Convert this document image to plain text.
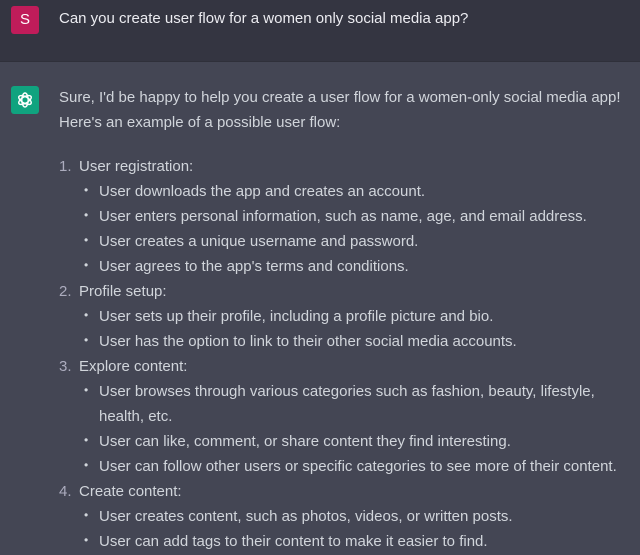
S	Can you create user flow for a women only social media app?

Sure, I'd be happy to help you create a user flow for a women-only social media app!
Here's an example of a possible user flow:

1. User registration:
• User downloads the app and creates an account.
• User enters personal information, such as name, age, and email address.
• User creates a unique username and password.
• User agrees to the app's terms and conditions.
2. Profile setup:
• User sets up their profile, including a profile picture and bio.
• User has the option to link to their other social media accounts.
3. Explore content:
• User browses through various categories such as fashion, beauty, lifestyle, health, etc.
• User can like, comment, or share content they find interesting.
• User can follow other users or specific categories to see more of their content.
4. Create content:
• User creates content, such as photos, videos, or written posts.
• User can add tags to their content to make it easier to find.
